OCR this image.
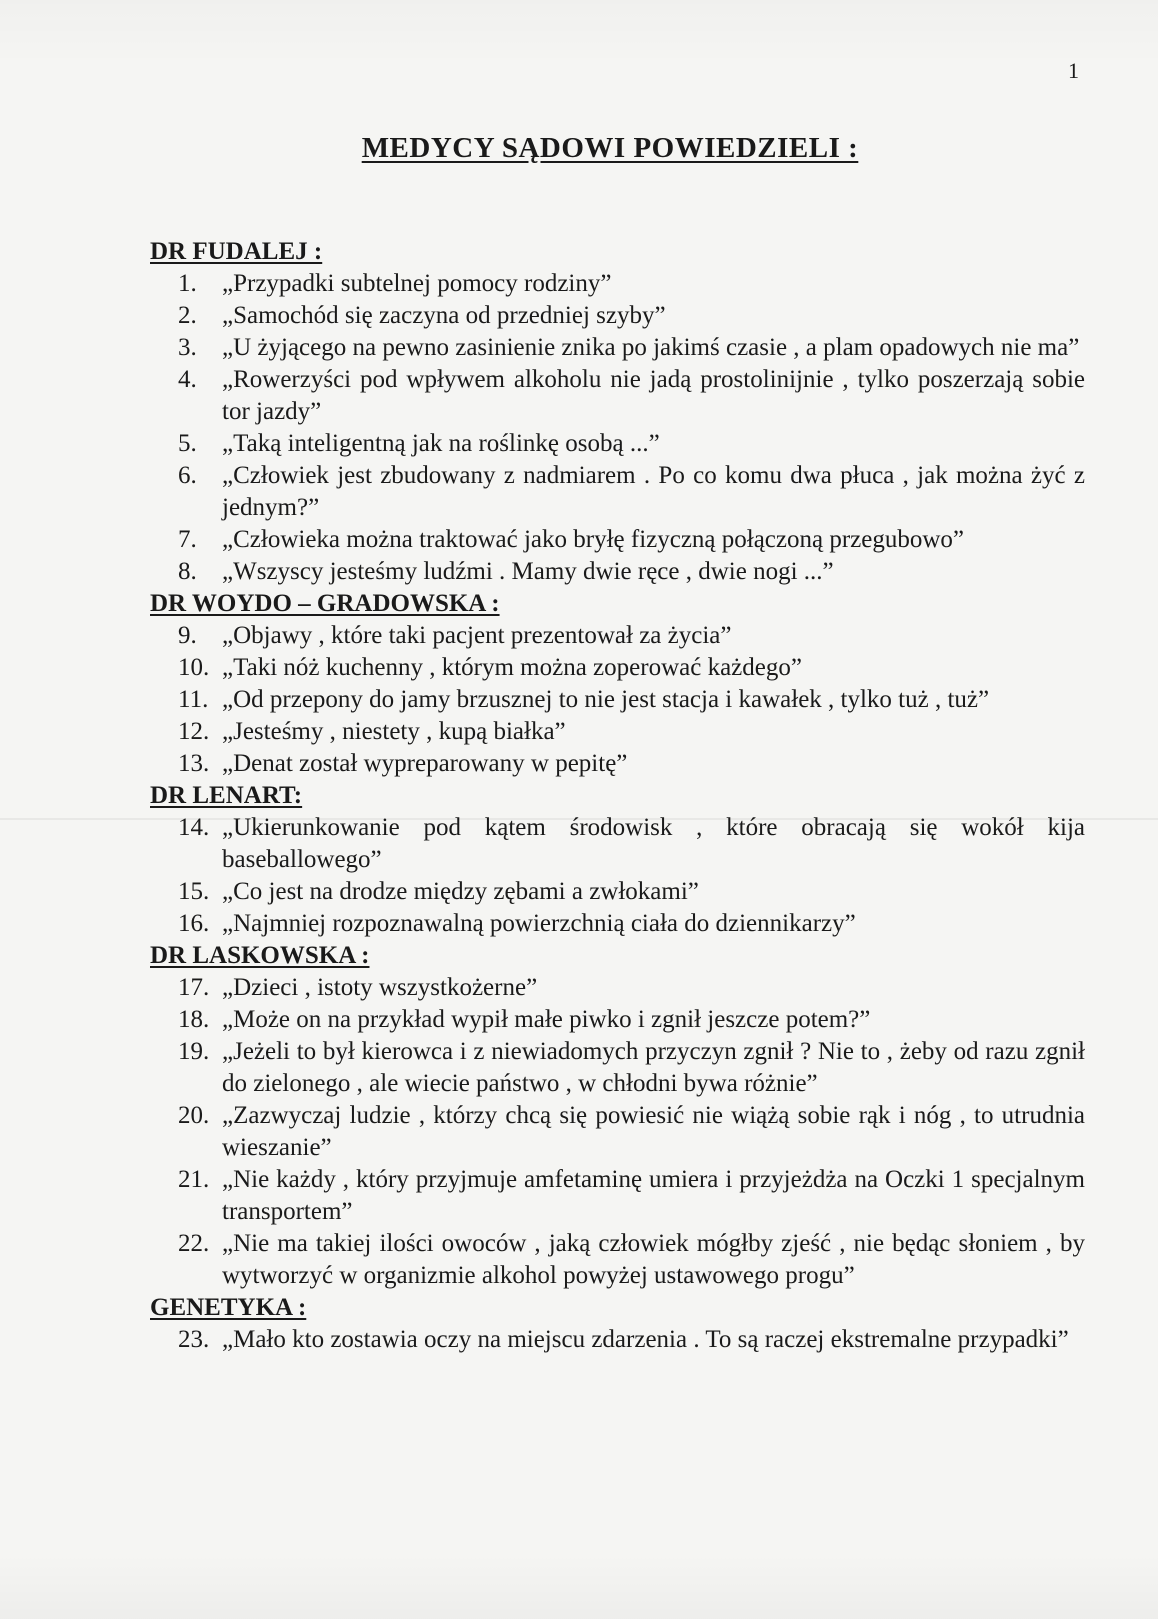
1
MEDYCY SĄDOWI POWIEDZIELI :
DR FUDALEJ :
1.	„Przypadki subtelnej pomocy rodziny”
2.	„Samochód się zaczyna od przedniej szyby”
3.	„U żyjącego na pewno zasinienie znika po jakimś czasie , a plam opadowych nie ma”
4.	„Rowerzyści pod wpływem alkoholu nie jadą prostolinijnie , tylko poszerzają sobie tor jazdy”
5.	„Taką inteligentną jak na roślinkę osobą ...”
6.	„Człowiek jest zbudowany z nadmiarem . Po co komu dwa płuca , jak można żyć z jednym?”
7.	„Człowieka można traktować jako bryłę fizyczną połączoną przegubowo”
8.	„Wszyscy jesteśmy ludźmi . Mamy dwie ręce , dwie nogi ...”
DR WOYDO – GRADOWSKA :
9.	„Objawy , które taki pacjent prezentował za życia”
10. „Taki nóż kuchenny , którym można zoperować każdego”
11. „Od przepony do jamy brzusznej to nie jest stacja i kawałek , tylko tuż , tuż”
12. „Jesteśmy , niestety , kupą białka”
13. „Denat został wypreparowany w pepitę”
DR LENART:
14. „Ukierunkowanie pod kątem środowisk , które obracają się wokół kija baseballowego”
15. „Co jest na drodze między zębami a zwłokami”
16. „Najmniej rozpoznawalną powierzchnią ciała do dziennikarzy”
DR LASKOWSKA :
17. „Dzieci , istoty wszystkożerne”
18. „Może on na przykład wypił małe piwko i zgnił jeszcze potem?”
19. „Jeżeli to był kierowca i z niewiadomych przyczyn zgnił ? Nie to , żeby od razu zgnił do zielonego , ale wiecie państwo , w chłodni bywa różnie”
20. „Zazwyczaj ludzie , którzy chcą się powiesić nie wiążą sobie rąk i nóg , to utrudnia wieszanie”
21. „Nie każdy , który przyjmuje amfetaminę umiera i przyjeżdża na Oczki 1 specjalnym transportem”
22. „Nie ma takiej ilości owoców , jaką człowiek mógłby zjeść , nie będąc słoniem , by wytworzyć w organizmie alkohol powyżej ustawowego progu”
GENETYKA :
23. „Mało kto zostawia oczy na miejscu zdarzenia . To są raczej ekstremalne przypadki”
